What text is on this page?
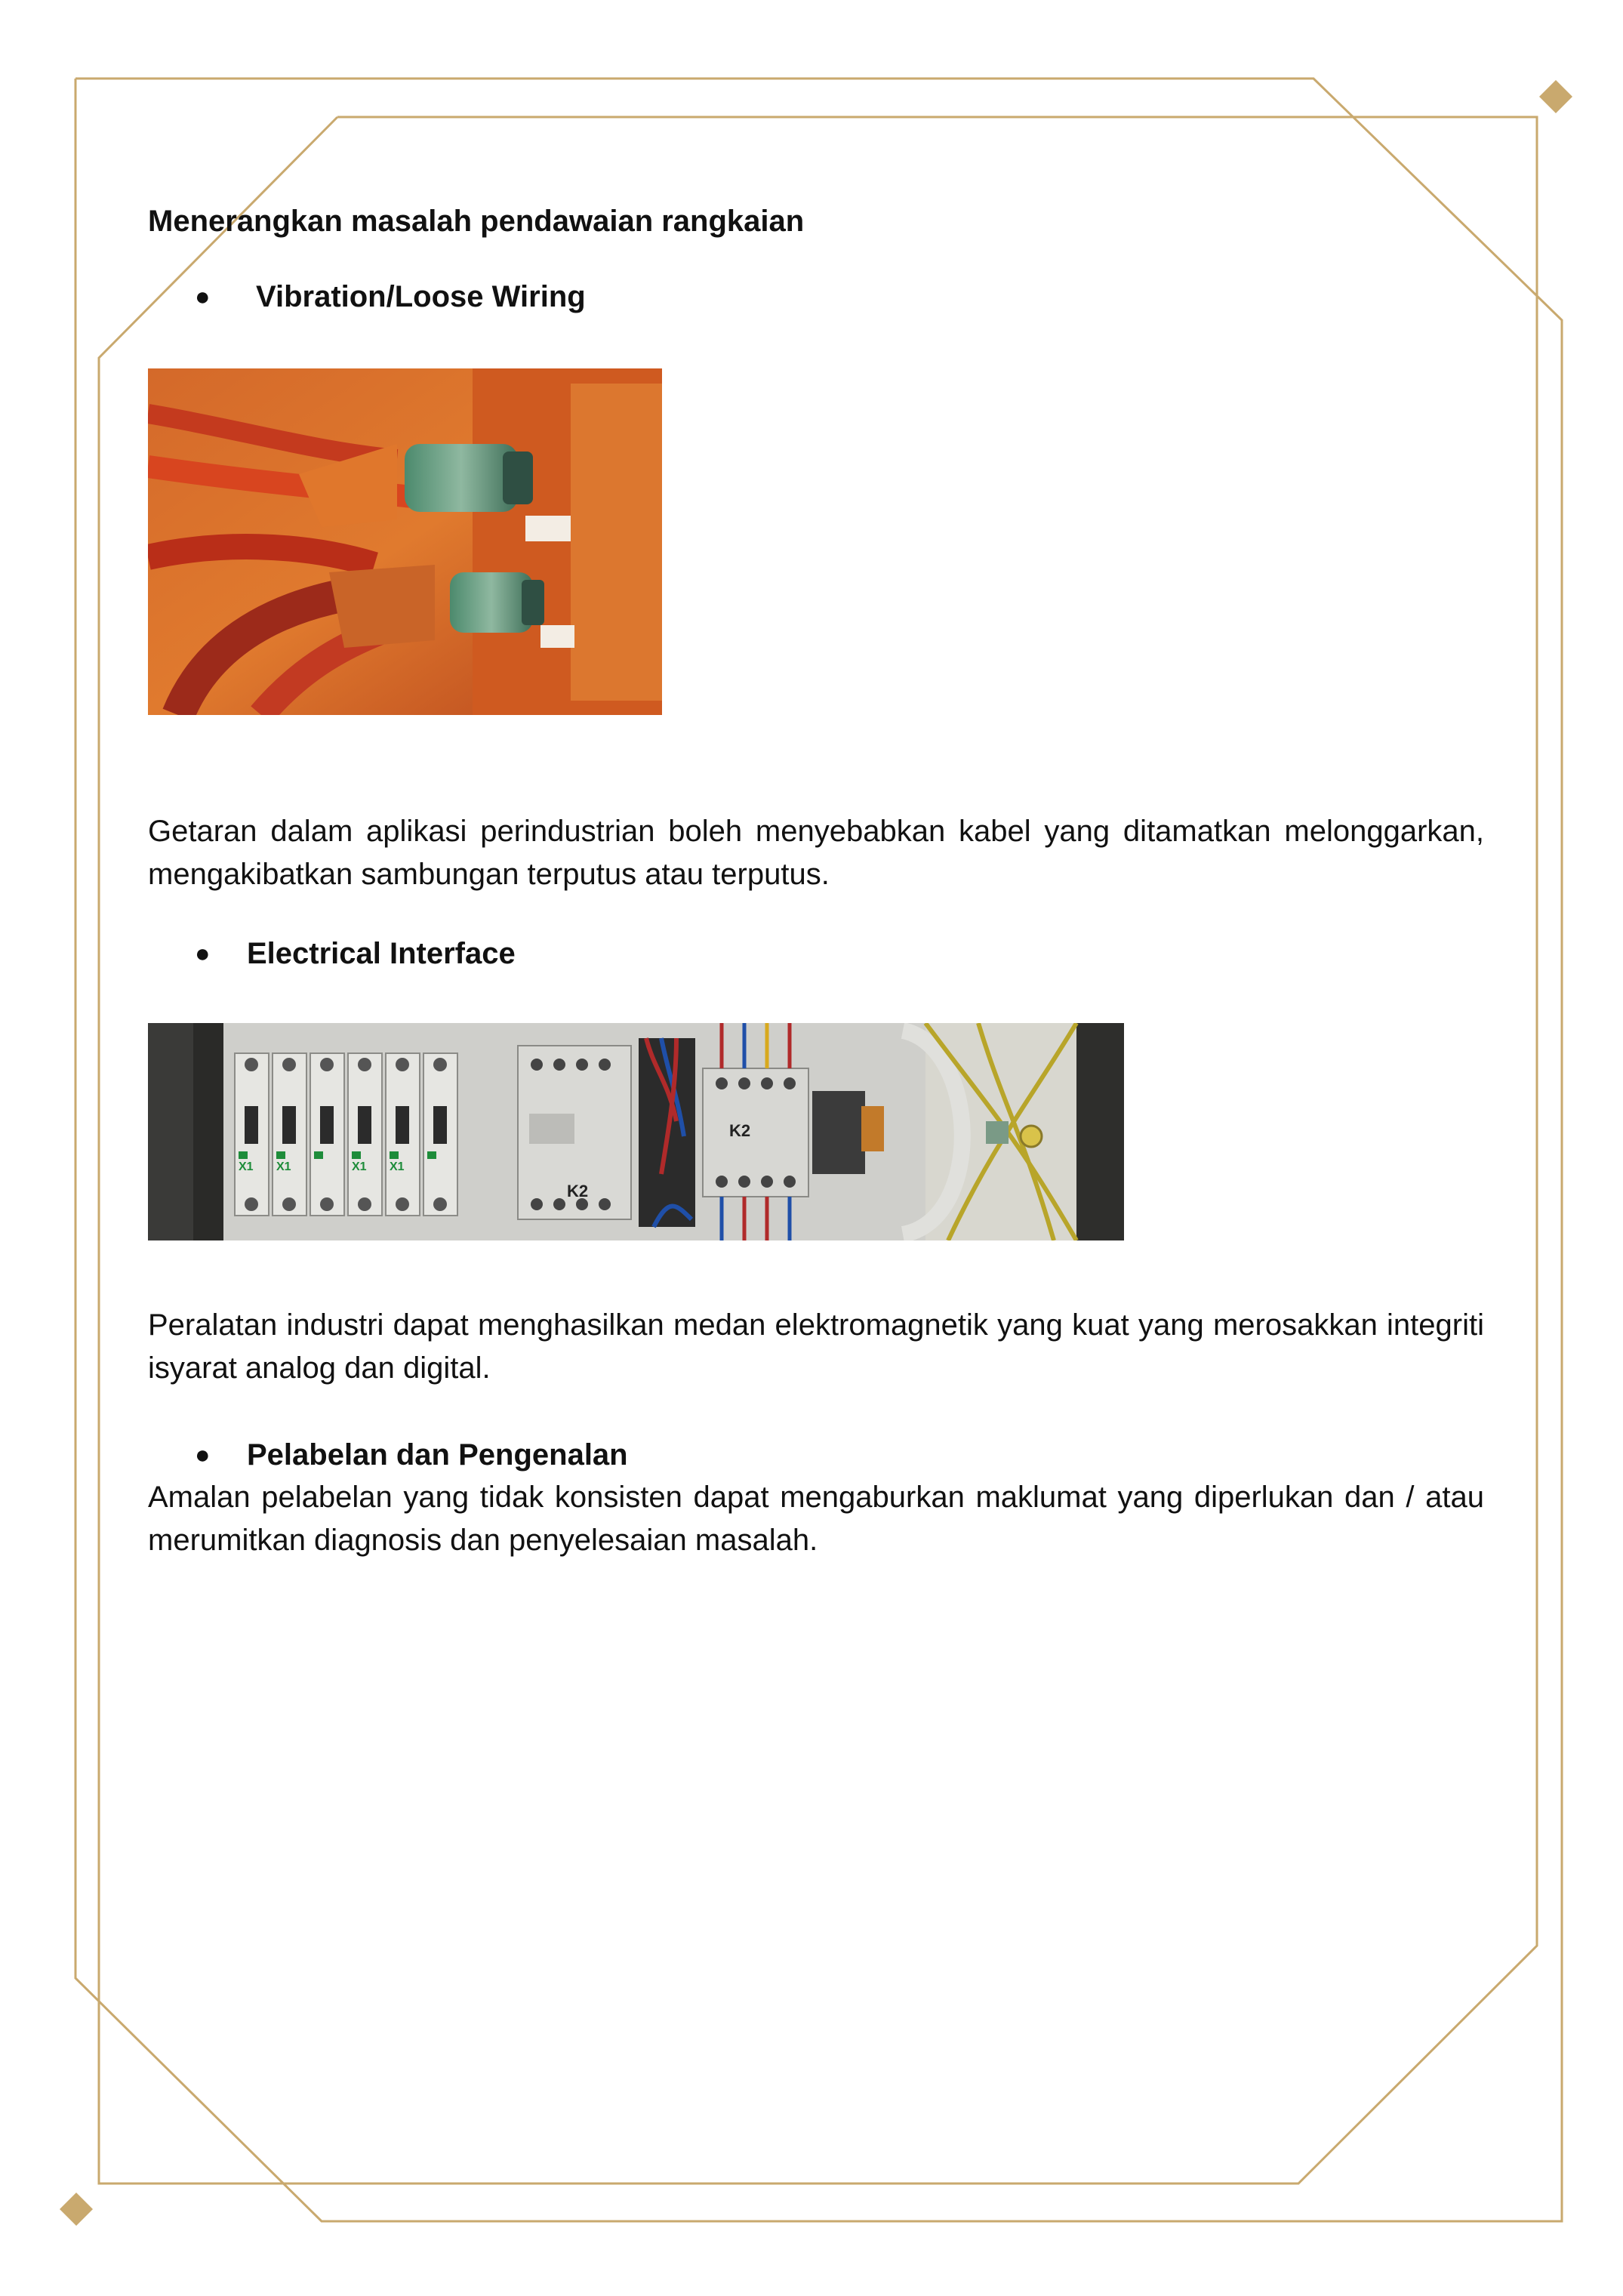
Menerangkan masalah pendawaian rangkaian
● Vibration/Loose Wiring

Getaran dalam aplikasi perindustrian boleh menyebabkan kabel yang ditamatkan melonggarkan, mengakibatkan sambungan terputus atau terputus.

● Electrical Interface
K2
K2
X1 X1	X1 X1

Peralatan industri dapat menghasilkan medan elektromagnetik yang kuat yang merosakkan integriti isyarat analog dan digital.

● Pelabelan dan Pengenalan

Amalan pelabelan yang tidak konsisten dapat mengaburkan maklumat yang diperlukan dan / atau merumitkan diagnosis dan penyelesaian masalah.
